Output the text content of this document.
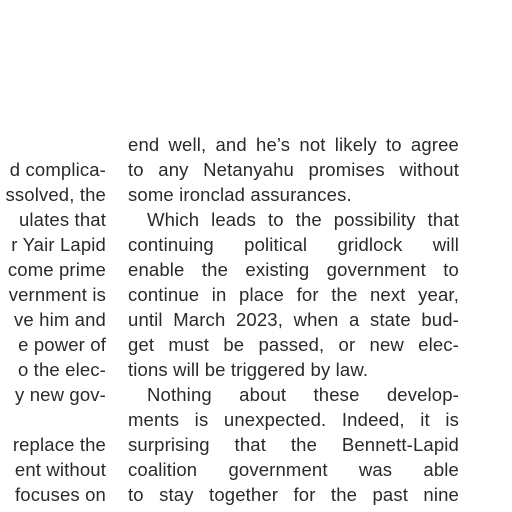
d complica-
ssolved, the
ulates that
r Yair Lapid
come prime
vernment is
ve him and
e power of
o the elec-
y new gov-
replace the
ent without
focuses on
end well, and he’s not likely to agree
to any Netanyahu promises without
some ironclad assurances.
Which leads to the possibility that
continuing political gridlock will
enable the existing government to
continue in place for the next year,
until March 2023, when a state bud-
get must be passed, or new elec-
tions will be triggered by law.
Nothing about these develop-
ments is unexpected. Indeed, it is
surprising that the Bennett-Lapid
coalition government was able
to stay together for the past nine
